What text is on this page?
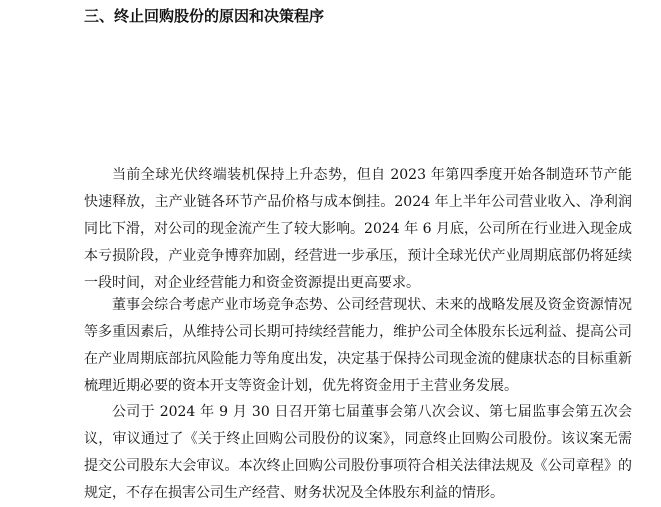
三、终止回购股份的原因和决策程序
当前全球光伏终端装机保持上升态势，但自 2023 年第四季度开始各制造环节产能快速释放，主产业链各环节产品价格与成本倒挂。2024 年上半年公司营业收入、净利润同比下滑，对公司的现金流产生了较大影响。2024 年 6 月底，公司所在行业进入现金成本亏损阶段，产业竞争博弈加剧，经营进一步承压，预计全球光伏产业周期底部仍将延续一段时间，对企业经营能力和资金资源提出更高要求。
董事会综合考虑产业市场竞争态势、公司经营现状、未来的战略发展及资金资源情况等多重因素后，从维持公司长期可持续经营能力，维护公司全体股东长远利益、提高公司在产业周期底部抗风险能力等角度出发，决定基于保持公司现金流的健康状态的目标重新梳理近期必要的资本开支等资金计划，优先将资金用于主营业务发展。
公司于 2024 年 9 月 30 日召开第七届董事会第八次会议、第七届监事会第五次会议，审议通过了《关于终止回购公司股份的议案》，同意终止回购公司股份。该议案无需提交公司股东大会审议。本次终止回购公司股份事项符合相关法律法规及《公司章程》的规定，不存在损害公司生产经营、财务状况及全体股东利益的情形。
